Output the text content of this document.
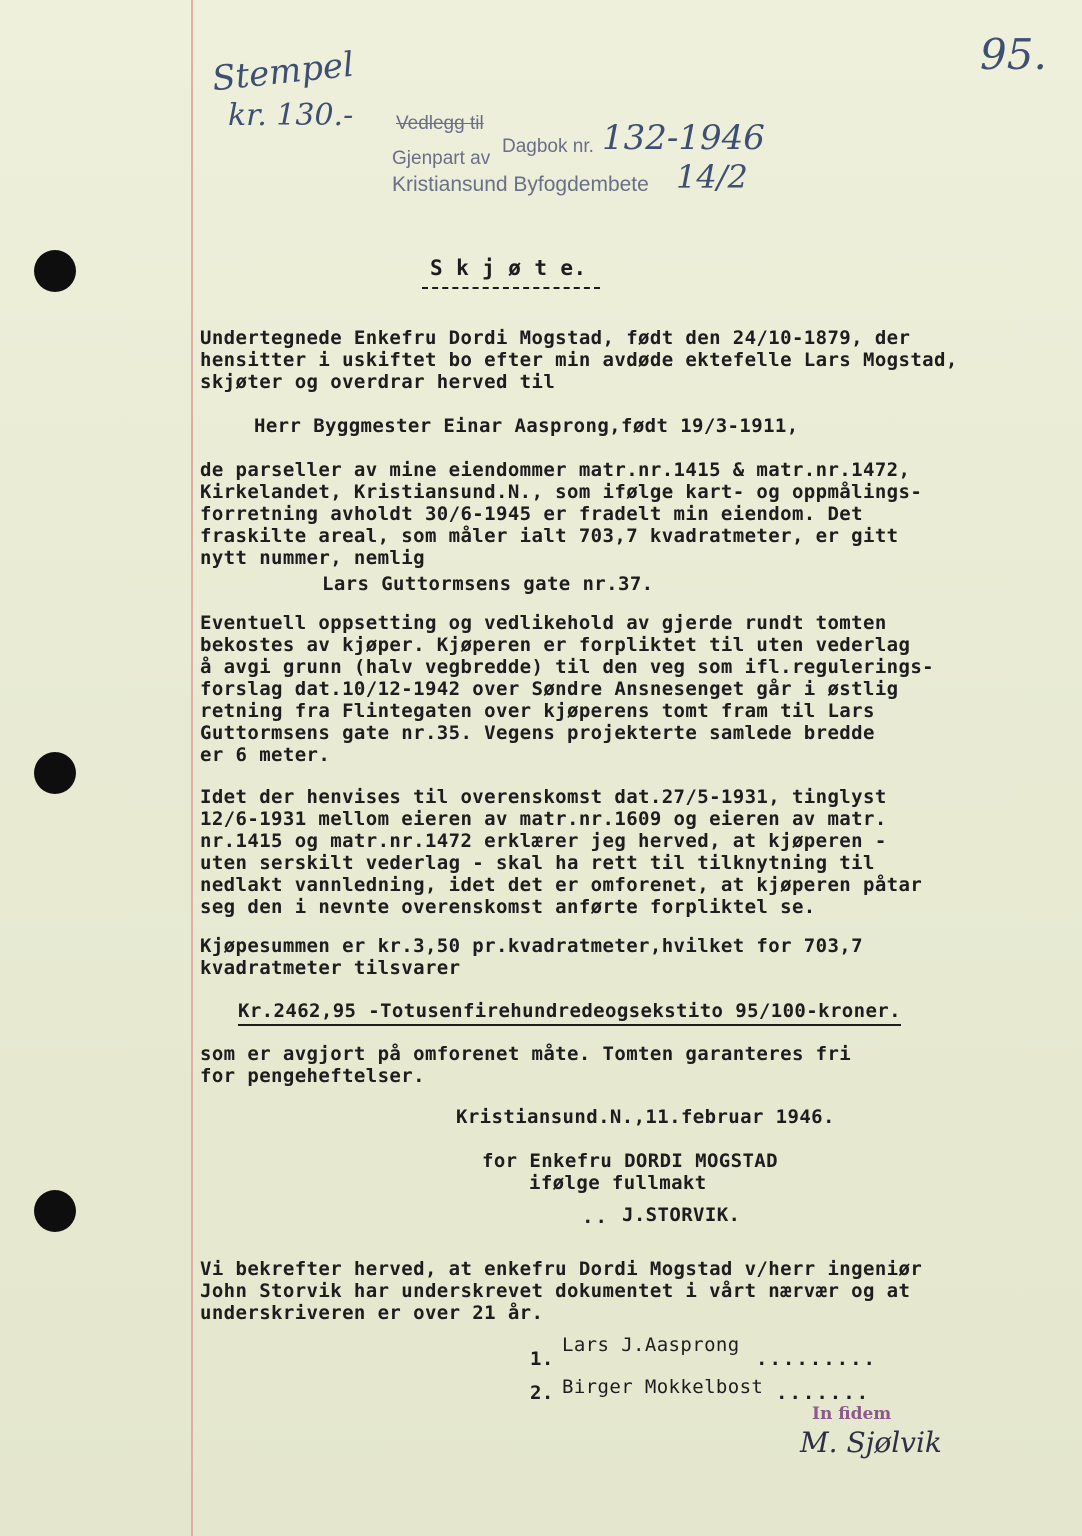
95.
Stempel
kr. 130.- Vedlegg til
Dagbok nr. 132-1946
Gjenpart av
Kristiansund Byfogdembete 14/2
S k j ø t e.
Undertegnede Enkefru Dordi Mogstad, født den 24/10-1879, der
hensitter i uskiftet bo efter min avdøde ektefelle Lars Mogstad,
skjøter og overdrar herved til
Herr Byggmester Einar Aasprong,født 19/3-1911,
de parseller av mine eiendommer matr.nr.1415 & matr.nr.1472,
Kirkelandet, Kristiansund.N., som ifølge kart- og oppmålings-
forretning avholdt 30/6-1945 er fradelt min eiendom. Det
fraskilte areal, som måler ialt 703,7 kvadratmeter, er gitt
nytt nummer, nemlig
Lars Guttormsens gate nr.37.
Eventuell oppsetting og vedlikehold av gjerde rundt tomten
bekostes av kjøper. Kjøperen er forpliktet til uten vederlag
å avgi grunn (halv vegbredde) til den veg som ifl.regulerings-
forslag dat.10/12-1942 over Søndre Ansnesenget går i østlig
retning fra Flintegaten over kjøperens tomt fram til Lars
Guttormsens gate nr.35. Vegens projekterte samlede bredde
er 6 meter.
Idet der henvises til overenskomst dat.27/5-1931, tinglyst
12/6-1931 mellom eieren av matr.nr.1609 og eieren av matr.
nr.1415 og matr.nr.1472 erklærer jeg herved, at kjøperen -
uten serskilt vederlag - skal ha rett til tilknytning til
nedlakt vannledning, idet det er omforenet, at kjøperen påtar
seg den i nevnte overenskomst anførte forpliktel se.
Kjøpesummen er kr.3,50 pr.kvadratmeter,hvilket for 703,7
kvadratmeter tilsvarer
Kr.2462,95 -Totusenfirehundredeogsekstito 95/100-kroner.
som er avgjort på omforenet måte. Tomten garanteres fri
for pengeheftelser.
Kristiansund.N.,11.februar 1946.
for Enkefru DORDI MOGSTAD
ifølge fullmakt
.. J.STORVIK.
Vi bekrefter herved, at enkefru Dordi Mogstad v/herr ingeniør
John Storvik har underskrevet dokumentet i vårt nærvær og at
underskriveren er over 21 år.
1.
Lars J.Aasprong
.........
2. Birger Mokkelbost .......
In fidem
M. Sjølvik
